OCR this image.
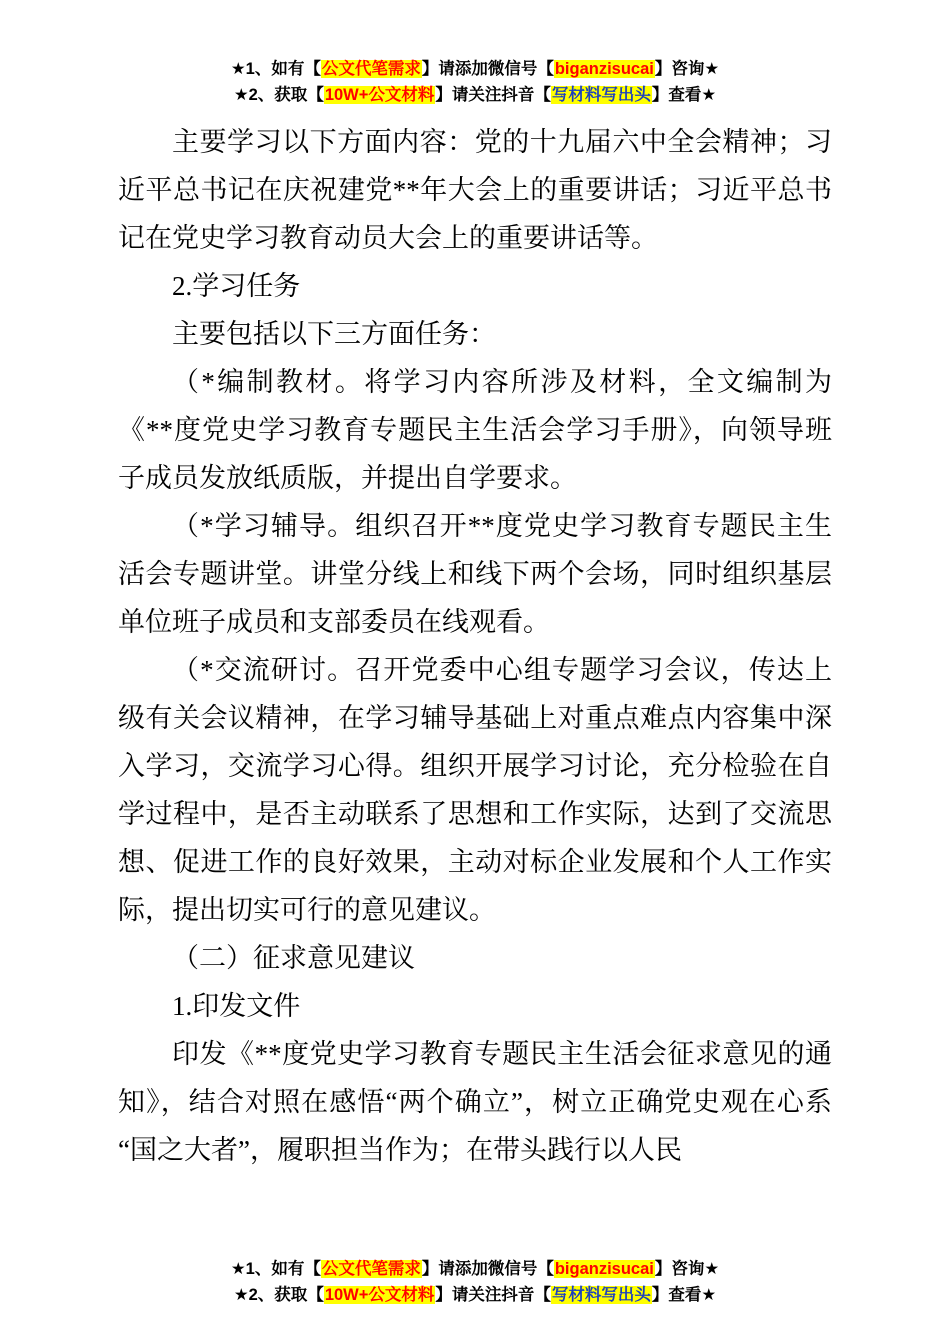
★1、如有【公文代笔需求】请添加微信号【biganzisucai】咨询★
★2、获取【10W+公文材料】请关注抖音【写材料写出头】查看★

主要学习以下方面内容：党的十九届六中全会精神；习近平总书记在庆祝建党**年大会上的重要讲话；习近平总书记在党史学习教育动员大会上的重要讲话等。

2.学习任务

主要包括以下三方面任务：

（*编制教材。将学习内容所涉及材料，全文编制为《**度党史学习教育专题民主生活会学习手册》，向领导班子成员发放纸质版，并提出自学要求。

（*学习辅导。组织召开**度党史学习教育专题民主生活会专题讲堂。讲堂分线上和线下两个会场，同时组织基层单位班子成员和支部委员在线观看。

（*交流研讨。召开党委中心组专题学习会议，传达上级有关会议精神，在学习辅导基础上对重点难点内容集中深入学习，交流学习心得。组织开展学习讨论，充分检验在自学过程中，是否主动联系了思想和工作实际，达到了交流思想、促进工作的良好效果，主动对标企业发展和个人工作实际，提出切实可行的意见建议。

（二）征求意见建议

1.印发文件

印发《**度党史学习教育专题民主生活会征求意见的通知》，结合对照在感悟“两个确立”，树立正确党史观在心系“国之大者”，履职担当作为；在带头践行以人民

★1、如有【公文代笔需求】请添加微信号【biganzisucai】咨询★
★2、获取【10W+公文材料】请关注抖音【写材料写出头】查看★
